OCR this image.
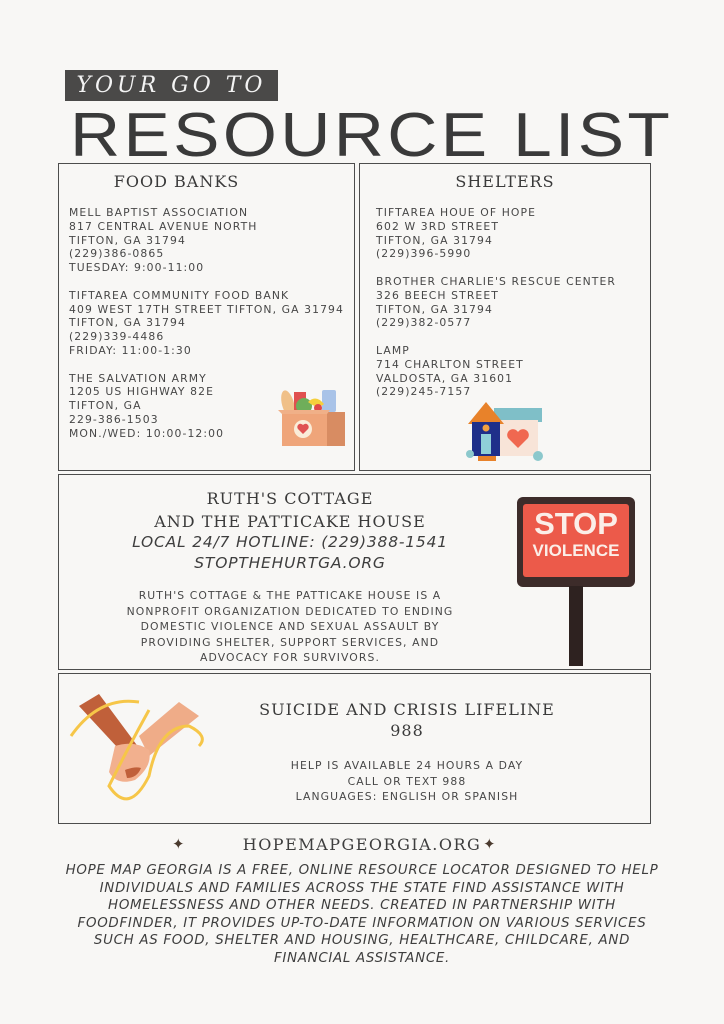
YOUR GO TO
RESOURCE LIST
FOOD BANKS

MELL BAPTIST ASSOCIATION

817 CENTRAL AVENUE NORTH

TIFTON, GA 31794

(229)386-0865

TUESDAY: 9:00-11:00

TIFTAREA COMMUNITY FOOD BANK

409 WEST 17TH STREET TIFTON, GA 31794

TIFTON, GA 31794

(229)339-4486

FRIDAY: 11:00-1:30

THE SALVATION ARMY

1205 US HIGHWAY 82E

TIFTON, GA

229-386-1503

MON./WED: 10:00-12:00

SHELTERS

TIFTAREA HOUE OF HOPE

602 W 3RD STREET

TIFTON, GA 31794

(229)396-5990

BROTHER CHARLIE'S RESCUE CENTER

326 BEECH STREET

TIFTON, GA 31794

(229)382-0577

LAMP

714 CHARLTON STREET

VALDOSTA, GA 31601

(229)245-7157

RUTH'S COTTAGE
AND THE PATTICAKE HOUSE
LOCAL 24/7 HOTLINE: (229)388-1541
STOPTHEHURTGA.ORG

RUTH'S COTTAGE & THE PATTICAKE HOUSE IS A

NONPROFIT ORGANIZATION DEDICATED TO ENDING

DOMESTIC VIOLENCE AND SEXUAL ASSAULT BY

PROVIDING SHELTER, SUPPORT SERVICES, AND

ADVOCACY FOR SURVIVORS.

STOP
VIOLENCE
SUICIDE AND CRISIS LIFELINE
988

HELP IS AVAILABLE 24 HOURS A DAY

CALL OR TEXT 988

LANGUAGES: ENGLISH OR SPANISH

✦	HOPEMAPGEORGIA.ORG ✦
HOPE MAP GEORGIA IS A FREE, ONLINE RESOURCE LOCATOR DESIGNED TO HELP INDIVIDUALS AND FAMILIES ACROSS THE STATE FIND ASSISTANCE WITH HOMELESSNESS AND OTHER NEEDS. CREATED IN PARTNERSHIP WITH FOODFINDER, IT PROVIDES UP-TO-DATE INFORMATION ON VARIOUS SERVICES SUCH AS FOOD, SHELTER AND HOUSING, HEALTHCARE, CHILDCARE, AND FINANCIAL ASSISTANCE.
